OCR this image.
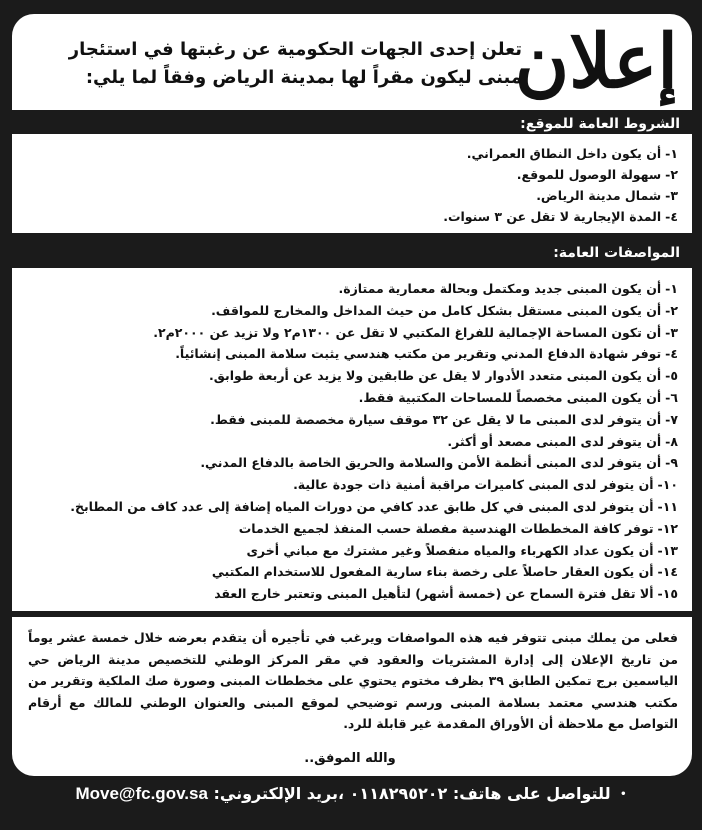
إعلان
تعلن إحدى الجهات الحكومية عن رغبتها في استئجار
مبنى ليكون مقراً لها بمدينة الرياض وفقاً لما يلي:
الشروط العامة للموقع:
١-أن يكون داخل النطاق العمراني.
٢-سهولة الوصول للموقع.
٣-شمال مدينة الرياض.
٤-المدة الإيجارية لا تقل عن ٣ سنوات.
المواصفات العامة:
١-أن يكون المبنى جديد ومكتمل وبحالة معمارية ممتازة.
٢-أن يكون المبنى مستقل بشكل كامل من حيث المداخل والمخارج للمواقف.
٣-أن تكون المساحة الإجمالية للفراغ المكتبي لا تقل عن ١٣٠٠م٢ ولا تزيد عن ٢٠٠٠م٢.
٤-توفر شهادة الدفاع المدني وتقرير من مكتب هندسي يثبت سلامة المبنى إنشائياً.
٥-أن يكون المبنى متعدد الأدوار لا يقل عن طابقين ولا يزيد عن أربعة طوابق.
٦-أن يكون المبنى مخصصاً للمساحات المكتبية فقط.
٧-أن يتوفر لدى المبنى ما لا يقل عن ٣٢ موقف سيارة مخصصة للمبنى فقط.
٨-أن يتوفر لدى المبنى مصعد أو أكثر.
٩-أن يتوفر لدى المبنى أنظمة الأمن والسلامة والحريق الخاصة بالدفاع المدني.
١٠-أن يتوفر لدى المبنى كاميرات مراقبة أمنية ذات جودة عالية.
١١-أن يتوفر لدى المبنى في كل طابق عدد كافي من دورات المياه إضافة إلى عدد كاف من المطابخ.
١٢-توفر كافة المخططات الهندسية مفصلة حسب المنفذ لجميع الخدمات
١٣-أن يكون عداد الكهرباء والمياه منفصلاً وغير مشترك مع مباني أخرى
١٤-أن يكون العقار حاصلاً على رخصة بناء سارية المفعول للاستخدام المكتبي
١٥-ألا تقل فترة السماح عن (خمسة أشهر) لتأهيل المبنى وتعتبر خارج العقد
فعلى من يملك مبنى تتوفر فيه هذه المواصفات ويرغب في تأجيره أن يتقدم بعرضه خلال خمسة عشر يوماً من تاريخ الإعلان إلى إدارة المشتريات والعقود في مقر المركز الوطني للتخصيص مدينة الرياض حي الياسمين برج تمكين الطابق ٣٩ بظرف مختوم يحتوي على مخططات المبنى وصورة صك الملكية وتقرير من مكتب هندسي معتمد بسلامة المبنى ورسم توضيحي لموقع المبنى والعنوان الوطني للمالك مع أرقام التواصل مع ملاحظة أن الأوراق المقدمة غير قابلة للرد.
والله الموفق..
• للتواصل على هاتف: ٠١١٨٢٩٥٢٠٢ ،بريد الإلكتروني: Move@fc.gov.sa
